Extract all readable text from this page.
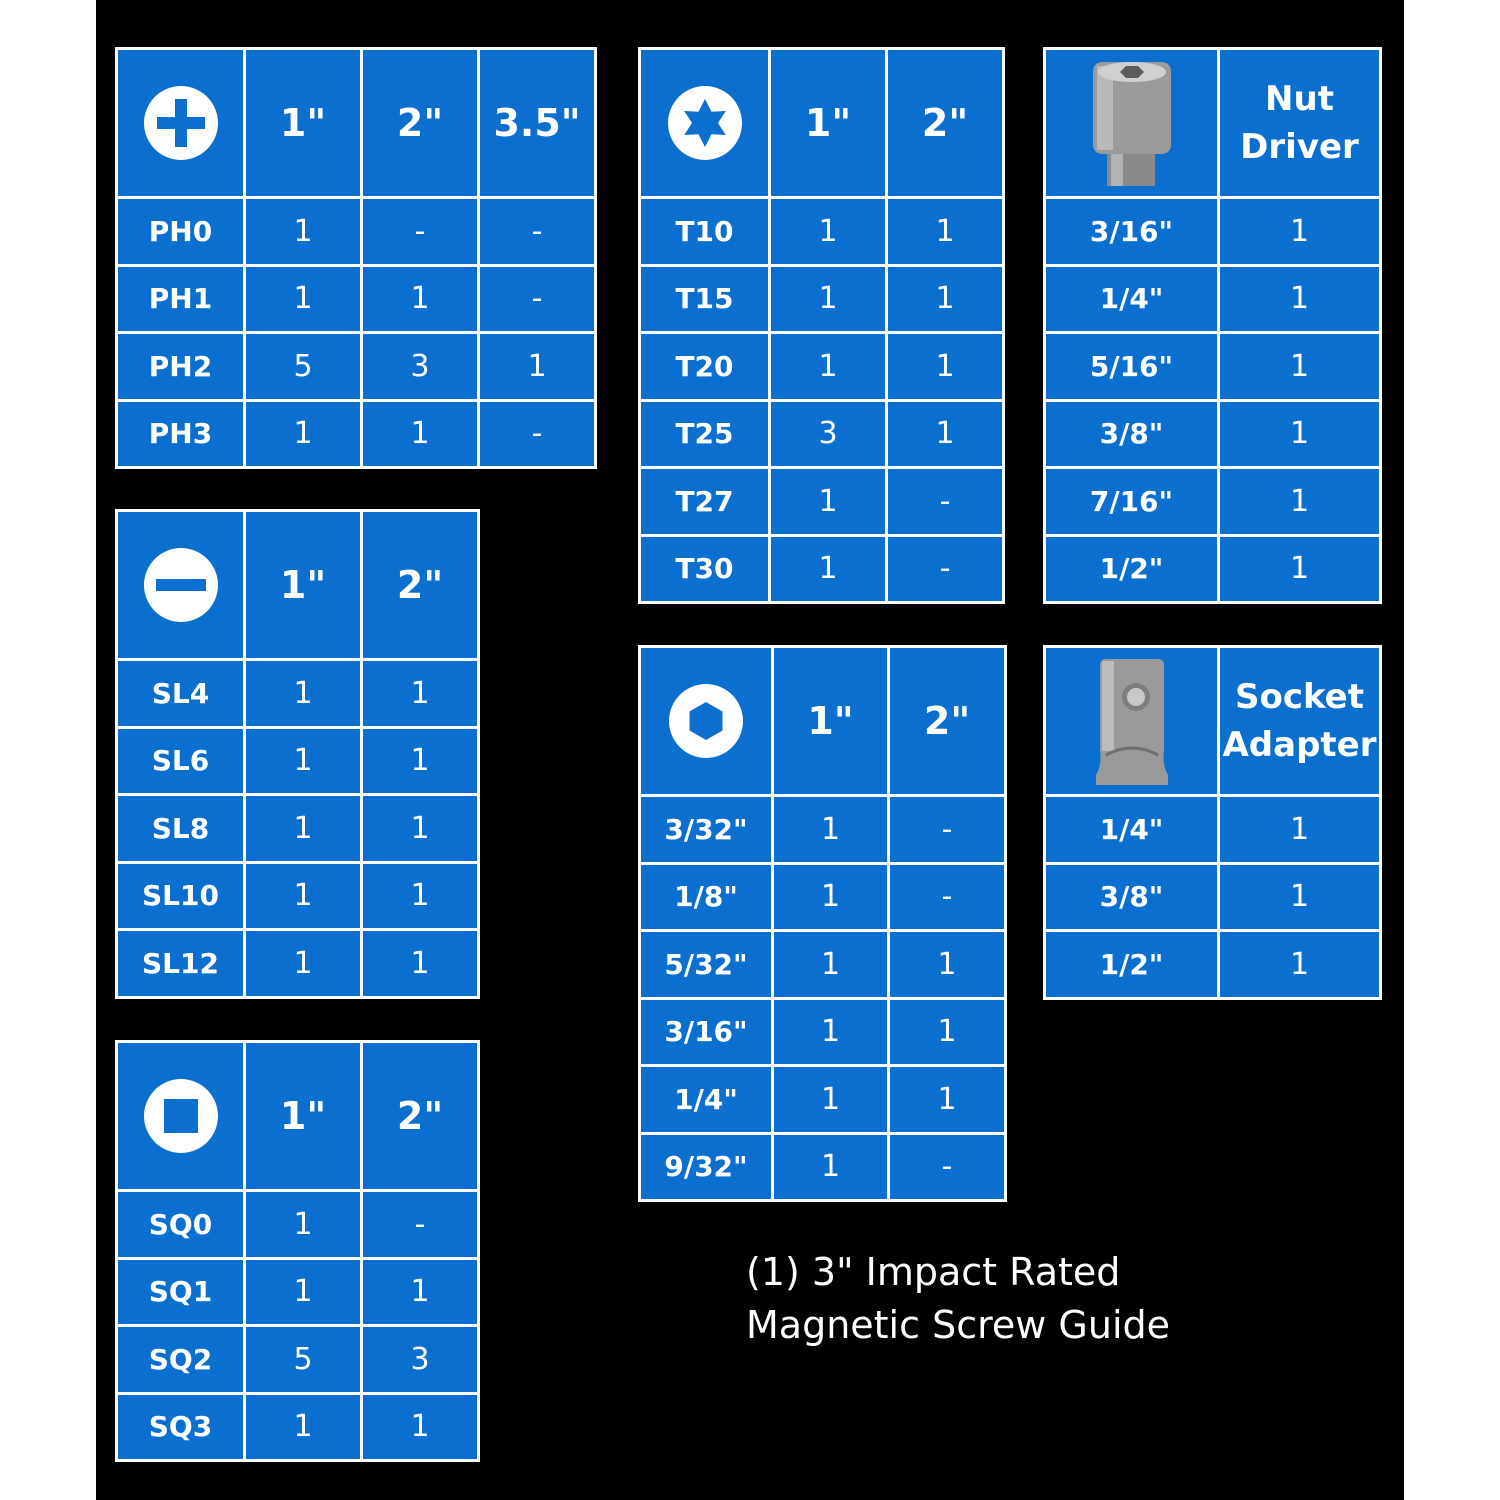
1"	2"	3.5"
PH0	1	-	-
PH1	1	1	-
PH2	5	3	1
PH3	1	1	-
1"	2"
SL4	1	1
SL6	1	1
SL8	1	1
SL10	1	1
SL12	1	1
1"	2"
SQ0	1	-
SQ1	1	1
SQ2	5	3
SQ3	1	1
1"	2"
T10	1	1
T15	1	1
T20	1	1
T25	3	1
T27	1	-
T30	1	-
1"	2"
3/32"	1	-
1/8"	1	-
5/32"	1	1
3/16"	1	1
1/4"	1	1
9/32"	1	-
Nut
Driver
3/16"	1
1/4"	1
5/16"	1
3/8"	1
7/16"	1
1/2"	1
Socket
Adapter
1/4"	1
3/8"	1
1/2"	1
(1) 3" Impact Rated
Magnetic Screw Guide
